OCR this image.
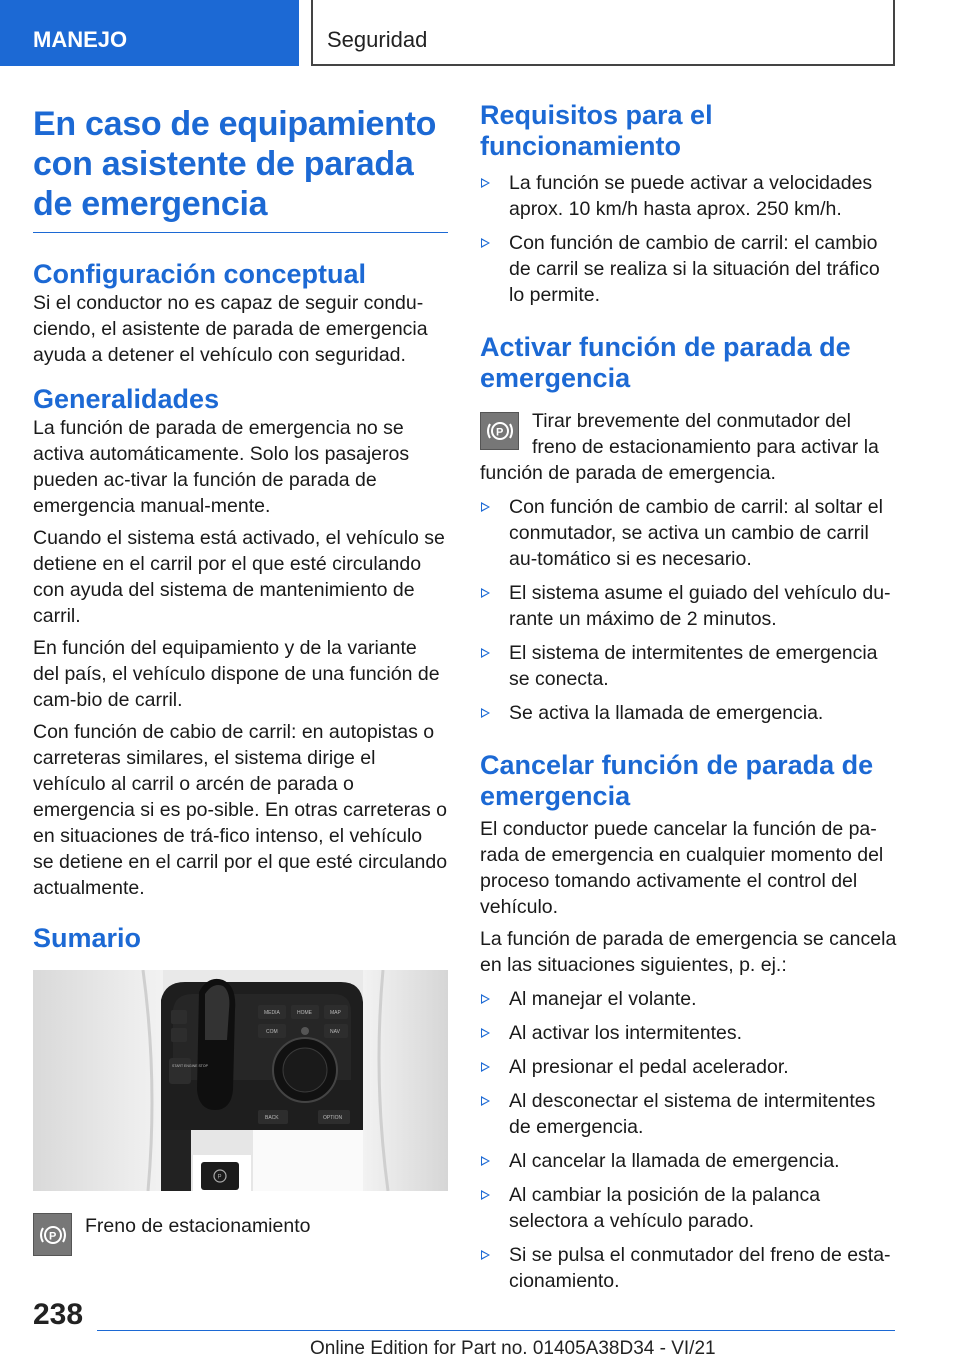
MANEJO	Seguridad
En caso de equipamiento con asistente de parada de emergencia
Configuración conceptual

Si el conductor no es capaz de seguir condu-ciendo, el asistente de parada de emergencia ayuda a detener el vehículo con seguridad.

Generalidades

La función de parada de emergencia no se activa automáticamente. Solo los pasajeros pueden ac-tivar la función de parada de emergencia manual-mente.

Cuando el sistema está activado, el vehículo se detiene en el carril por el que esté circulando con ayuda del sistema de mantenimiento de carril.

En función del equipamiento y de la variante del país, el vehículo dispone de una función de cam-bio de carril.

Con función de cabio de carril: en autopistas o carreteras similares, el sistema dirige el vehículo al carril o arcén de parada o emergencia si es po-sible. En otras carreteras o en situaciones de trá-fico intenso, el vehículo se detiene en el carril por el que esté circulando actualmente.

Sumario
MEDIA	HOME	MAP
COM	NAV
BACK	OPTION
START ENGINE STOP
P
P Freno de estacionamiento

Requisitos para el funcionamiento
La función se puede activar a velocidades aprox. 10 km/h hasta aprox. 250 km/h.
Con función de cambio de carril: el cambio de carril se realiza si la situación del tráfico lo permite.
Activar función de parada de emergencia
P
Tirar brevemente del conmutador del freno de estacionamiento para activar la función de parada de emergencia.
Con función de cambio de carril: al soltar el conmutador, se activa un cambio de carril au-tomático si es necesario.
El sistema asume el guiado del vehículo du-rante un máximo de 2 minutos.
El sistema de intermitentes de emergencia se conecta.
Se activa la llamada de emergencia.
Cancelar función de parada de emergencia

El conductor puede cancelar la función de pa-rada de emergencia en cualquier momento del proceso tomando activamente el control del vehículo.

La función de parada de emergencia se cancela en las situaciones siguientes, p. ej.:

Al manejar el volante.
Al activar los intermitentes.
Al presionar el pedal acelerador.
Al desconectar el sistema de intermitentes de emergencia.
Al cancelar la llamada de emergencia.
Al cambiar la posición de la palanca selectora a vehículo parado.
Si se pulsa el conmutador del freno de esta-cionamiento.
238
Online Edition for Part no. 01405A38D34 - VI/21
